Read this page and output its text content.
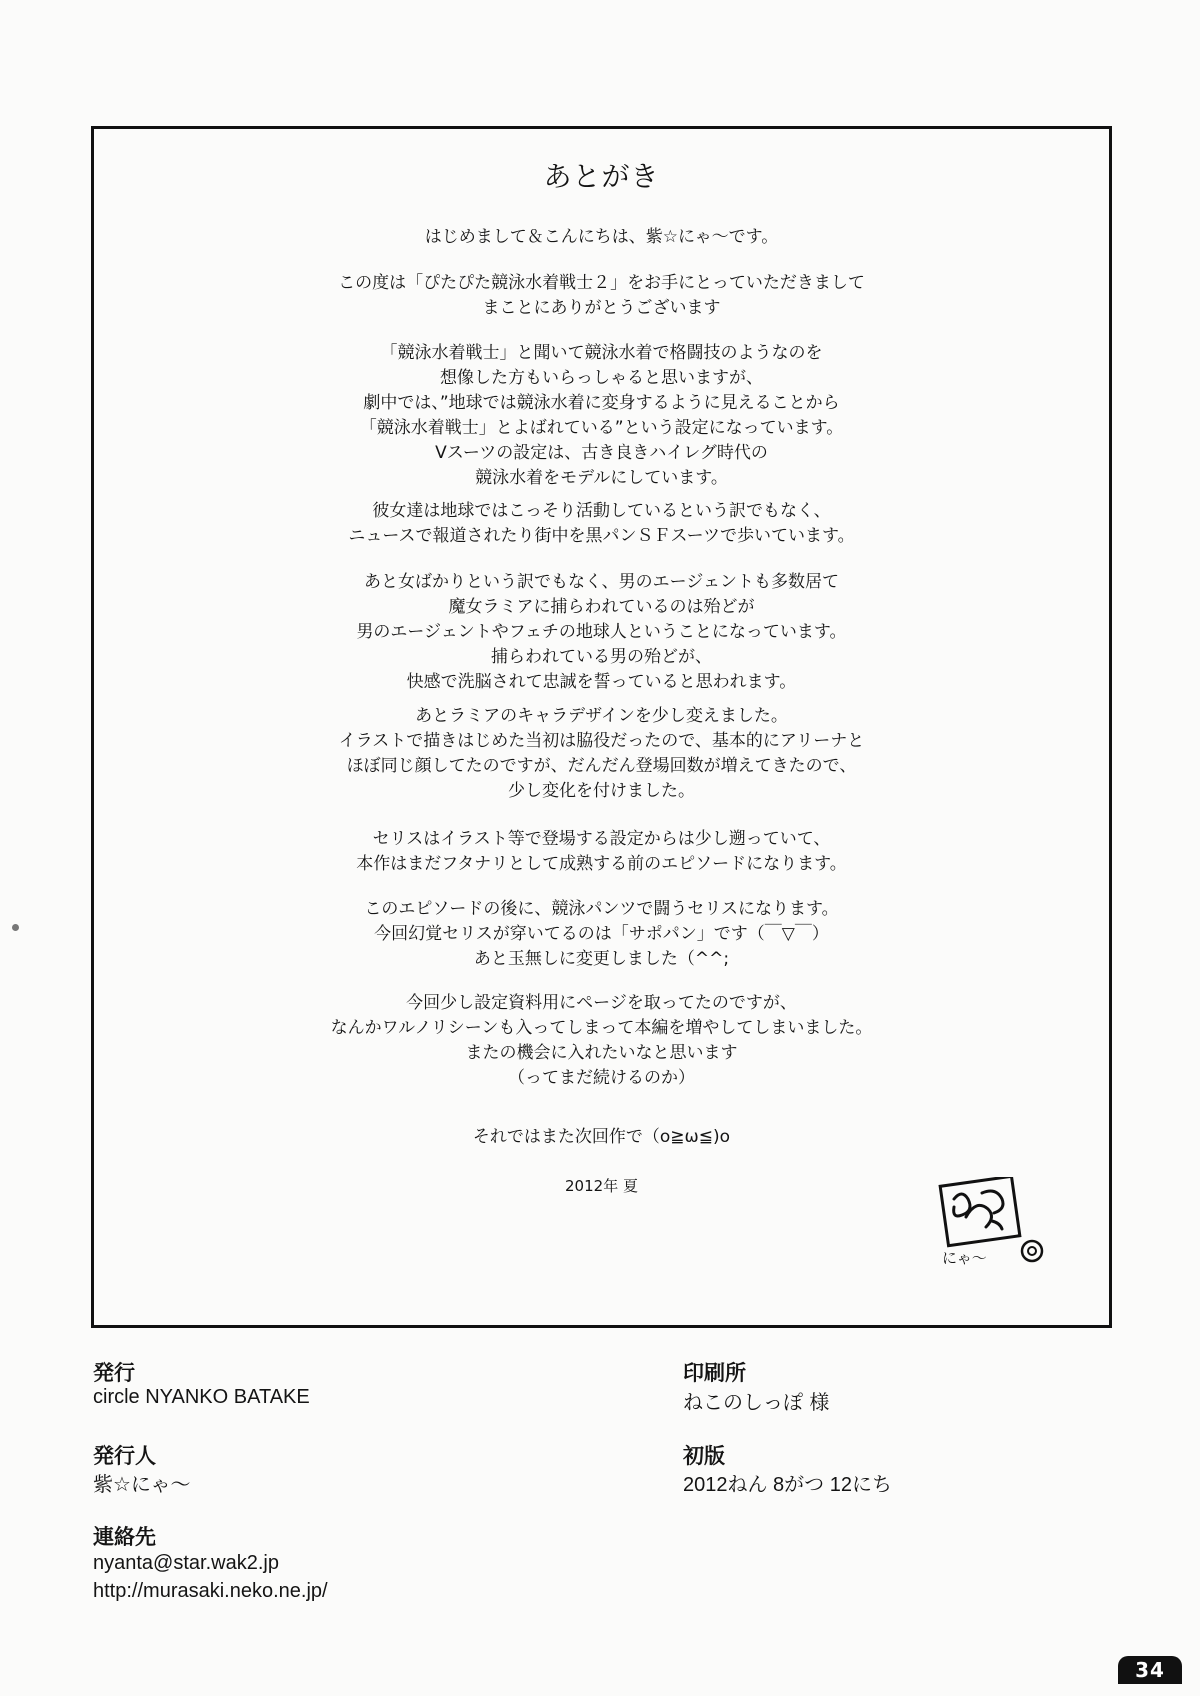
あとがき

はじめまして＆こんにちは、紫☆にゃ～です。

この度は「ぴたぴた競泳水着戦士２」をお手にとっていただきまして
まことにありがとうございます

「競泳水着戦士」と聞いて競泳水着で格闘技のようなのを
想像した方もいらっしゃると思いますが、
劇中では、”地球では競泳水着に変身するように見えることから
「競泳水着戦士」とよばれている”という設定になっています。
Vスーツの設定は、古き良きハイレグ時代の
競泳水着をモデルにしています。

彼女達は地球ではこっそり活動しているという訳でもなく、
ニュースで報道されたり街中を黒パンＳＦスーツで歩いています。

あと女ばかりという訳でもなく、男のエージェントも多数居て
魔女ラミアに捕らわれているのは殆どが
男のエージェントやフェチの地球人ということになっています。
捕らわれている男の殆どが、
快感で洗脳されて忠誠を誓っていると思われます。

あとラミアのキャラデザインを少し変えました。
イラストで描きはじめた当初は脇役だったので、基本的にアリーナと
ほぼ同じ顔してたのですが、だんだん登場回数が増えてきたので、
少し変化を付けました。

セリスはイラスト等で登場する設定からは少し遡っていて、
本作はまだフタナリとして成熟する前のエピソードになります。

このエピソードの後に、競泳パンツで闘うセリスになります。
今回幻覚セリスが穿いてるのは「サポパン」です（￣▽￣）
あと玉無しに変更しました（^^;

今回少し設定資料用にページを取ってたのですが、
なんかワルノリシーンも入ってしまって本編を増やしてしまいました。
またの機会に入れたいなと思います
（ってまだ続けるのか）

それではまた次回作で（o≧ω≦)o

2012年 夏

にゃ～
発行
circle NYANKO BATAKE
発行人
紫☆にゃ～
連絡先
nyanta@star.wak2.jp
http://murasaki.neko.ne.jp/
印刷所
ねこのしっぽ 様
初版
2012ねん 8がつ 12にち
34
